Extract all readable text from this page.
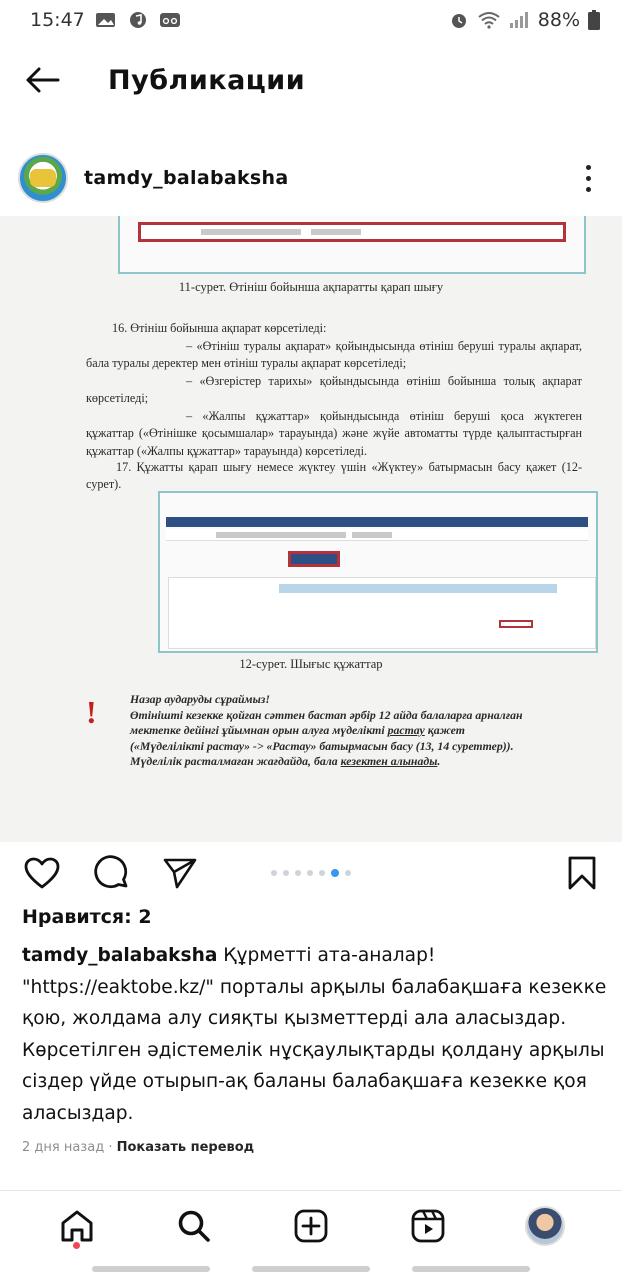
15:47	88%
Публикации
tamdy_balabaksha
11-сурет. Өтініш бойынша ақпаратты қарап шығу
16. Өтініш бойынша ақпарат көрсетіледі:
– «Өтініш туралы ақпарат» қойындысында өтініш беруші туралы ақпарат, бала туралы деректер мен өтініш туралы ақпарат көрсетіледі;
– «Өзгерістер тарихы» қойындысында өтініш бойынша толық ақпарат көрсетіледі;
– «Жалпы құжаттар» қойындысында өтініш беруші қоса жүктеген құжаттар («Өтінішке қосымшалар» тарауында) және жүйе автоматты түрде қалыптастырған құжаттар («Жалпы құжаттар» тарауында) көрсетіледі.
17. Құжатты қарап шығу немесе жүктеу үшін «Жүктеу» батырмасын басу қажет (12-сурет).
12-сурет. Шығыс құжаттар
!	Назар аударуды сұраймыз!
Өтінішті кезекке қойған сәттен бастап әрбір 12 айда балаларға арналған мектепке дейінгі ұйымнан орын алуға мүделікті растау қажет («Мүделілікті растау» -> «Растау» батырмасын басу (13, 14 суреттер)). Мүделілік расталмаған жағдайда, бала кезектен алынады.
Нравится: 2
tamdy_balabaksha Құрметті ата-аналар! "https://eaktobe.kz/" порталы арқылы балабақшаға кезекке қою, жолдама алу сияқты қызметтерді ала аласыздар. Көрсетілген әдістемелік нұсқаулықтарды қолдану арқылы сіздер үйде отырып-ақ баланы балабақшаға кезекке қоя аласыздар.
2 дня назад · Показать перевод
